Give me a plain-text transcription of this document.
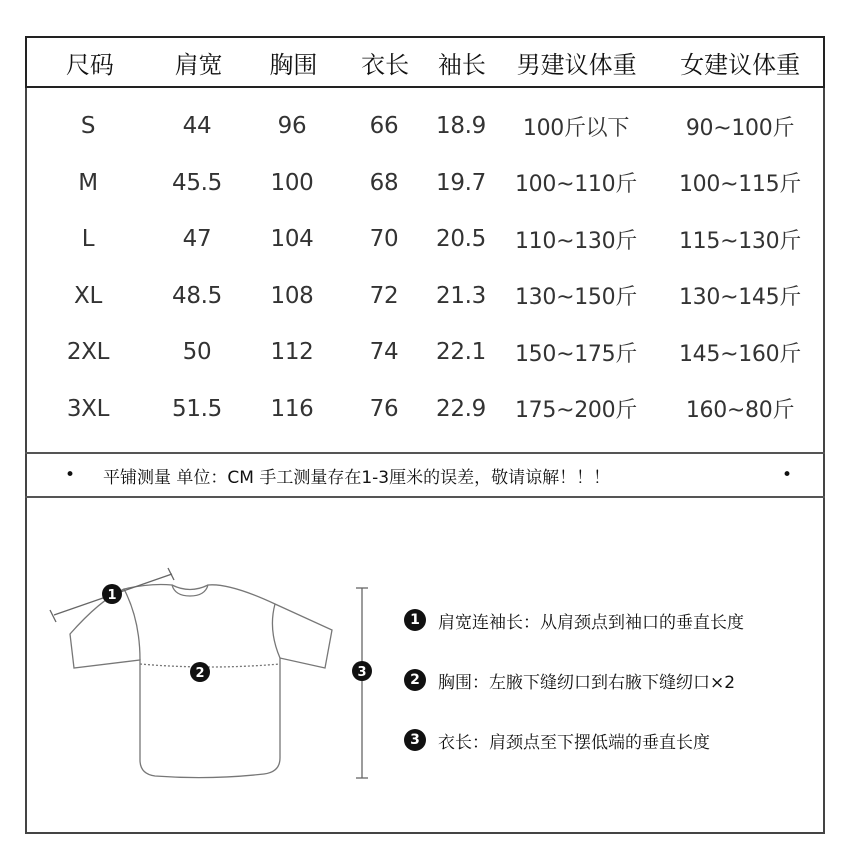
尺码	肩宽	胸围	衣长	袖长	男建议体重	女建议体重
S	44	96	66	18.9	100斤以下	90~100斤
M	45.5	100	68	19.7	100~110斤	100~115斤
L	47	104	70	20.5	110~130斤	115~130斤
XL	48.5	108	72	21.3	130~150斤	130~145斤
2XL	50	112	74	22.1	150~175斤	145~160斤
3XL	51.5	116	76	22.9	175~200斤	160~80斤
• 平铺测量 单位：CM 手工测量存在1-3厘米的误差，敬请谅解！！！	•
1
2	3
1	肩宽连袖长：从肩颈点到袖口的垂直长度
2	胸围：左腋下缝纫口到右腋下缝纫口×2
3	衣长：肩颈点至下摆低端的垂直长度
